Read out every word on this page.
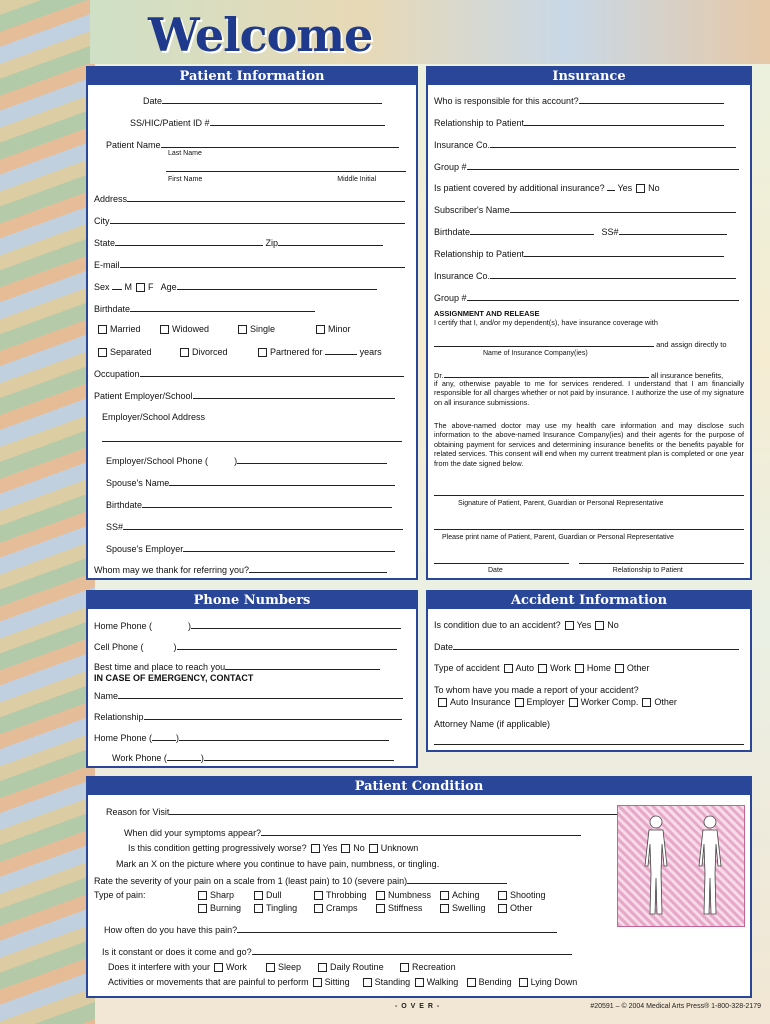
Welcome
Patient Information
Date
SS/HIC/Patient ID #
Patient Name
Last Name
First Name	Middle Initial
Address
City
State	Zip
E-mail
Sex M F Age
Birthdate
Married	Widowed	Single	Minor
Separated	Divorced	Partnered for	years
Occupation
Patient Employer/School
Employer/School Address
Employer/School Phone (	)
Spouse's Name
Birthdate
SS#
Spouse's Employer
Whom may we thank for referring you?
Insurance
Who is responsible for this account?
Relationship to Patient
Insurance Co.
Group #
Is patient covered by additional insurance? Yes No
Subscriber's Name
Birthdate	SS#
Relationship to Patient
Insurance Co.
Group #
ASSIGNMENT AND RELEASE
I certify that I, and/or my dependent(s), have insurance coverage with
and assign directly to
Name of Insurance Company(ies)
Dr.	all insurance benefits,
if any, otherwise payable to me for services rendered. I understand that I am financially responsible for all charges whether or not paid by insurance. I authorize the use of my signature on all insurance submissions.
The above-named doctor may use my health care information and may disclose such information to the above-named Insurance Company(ies) and their agents for the purpose of obtaining payment for services and determining insurance benefits or the benefits payable for related services. This consent will end when my current treatment plan is completed or one year from the date signed below.
Signature of Patient, Parent, Guardian or Personal Representative
Please print name of Patient, Parent, Guardian or Personal Representative

Date	Relationship to Patient
Phone Numbers
Home Phone (	)
Cell Phone (	)
Best time and place to reach you
IN CASE OF EMERGENCY, CONTACT
Name
Relationship
Home Phone (	)
Work Phone (	)
Accident Information
Is condition due to an accident? Yes No
Date
Type of accident Auto Work Home Other
To whom have you made a report of your accident?
Auto Insurance Employer Worker Comp. Other
Attorney Name (if applicable)
Patient Condition
Reason for Visit
When did your symptoms appear?
Is this condition getting progressively worse? Yes No Unknown
Mark an X on the picture where you continue to have pain, numbness, or tingling.
Rate the severity of your pain on a scale from 1 (least pain) to 10 (severe pain)
Type of pain:	Sharp	Dull	Throbbing Numbness Aching	Shooting
Burning	Tingling	Cramps	Stiffness	Swelling	Other
How often do you have this pain?
Is it constant or does it come and go?
Does it interfere with your Work	Sleep	Daily Routine	Recreation
Activities or movements that are painful to perform Sitting	Standing Walking Bending Lying Down
- O V E R -	#20591 – © 2004 Medical Arts Press® 1-800-328-2179
